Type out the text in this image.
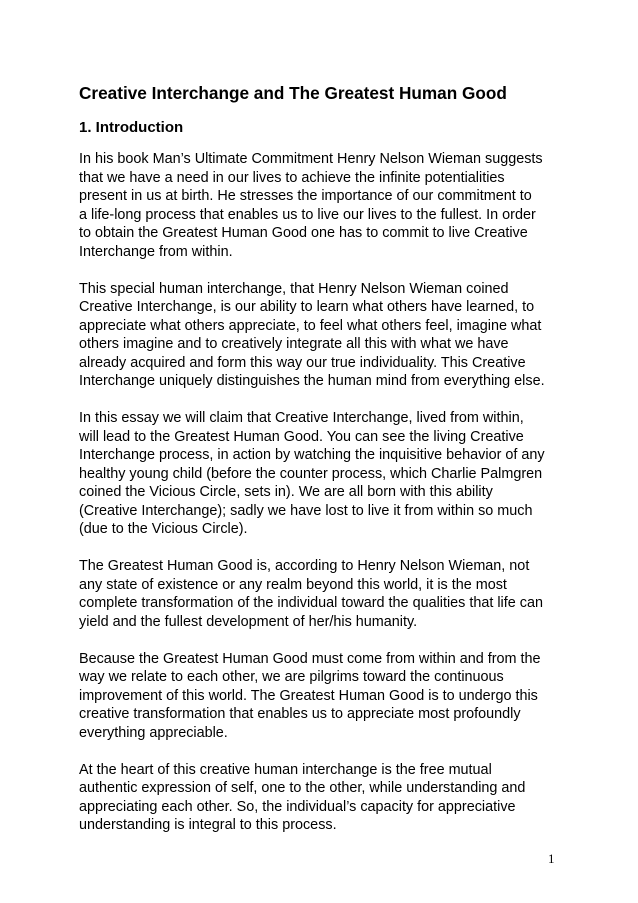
Creative Interchange and The Greatest Human Good
1. Introduction

In his book Man’s Ultimate Commitment Henry Nelson Wieman suggests
that we have a need in our lives to achieve the infinite potentialities
present in us at birth. He stresses the importance of our commitment to
a life-long process that enables us to live our lives to the fullest. In order
to obtain the Greatest Human Good one has to commit to live Creative
Interchange from within.

This special human interchange, that Henry Nelson Wieman coined
Creative Interchange, is our ability to learn what others have learned, to
appreciate what others appreciate, to feel what others feel, imagine what
others imagine and to creatively integrate all this with what we have
already acquired and form this way our true individuality. This Creative
Interchange uniquely distinguishes the human mind from everything else.

In this essay we will claim that Creative Interchange, lived from within,
will lead to the Greatest Human Good. You can see the living Creative
Interchange process, in action by watching the inquisitive behavior of any
healthy young child (before the counter process, which Charlie Palmgren
coined the Vicious Circle, sets in). We are all born with this ability
(Creative Interchange); sadly we have lost to live it from within so much
(due to the Vicious Circle).

The Greatest Human Good is, according to Henry Nelson Wieman, not
any state of existence or any realm beyond this world, it is the most
complete transformation of the individual toward the qualities that life can
yield and the fullest development of her/his humanity.

Because the Greatest Human Good must come from within and from the
way we relate to each other, we are pilgrims toward the continuous
improvement of this world. The Greatest Human Good is to undergo this
creative transformation that enables us to appreciate most profoundly
everything appreciable.

At the heart of this creative human interchange is the free mutual
authentic expression of self, one to the other, while understanding and
appreciating each other. So, the individual’s capacity for appreciative
understanding is integral to this process.

1
